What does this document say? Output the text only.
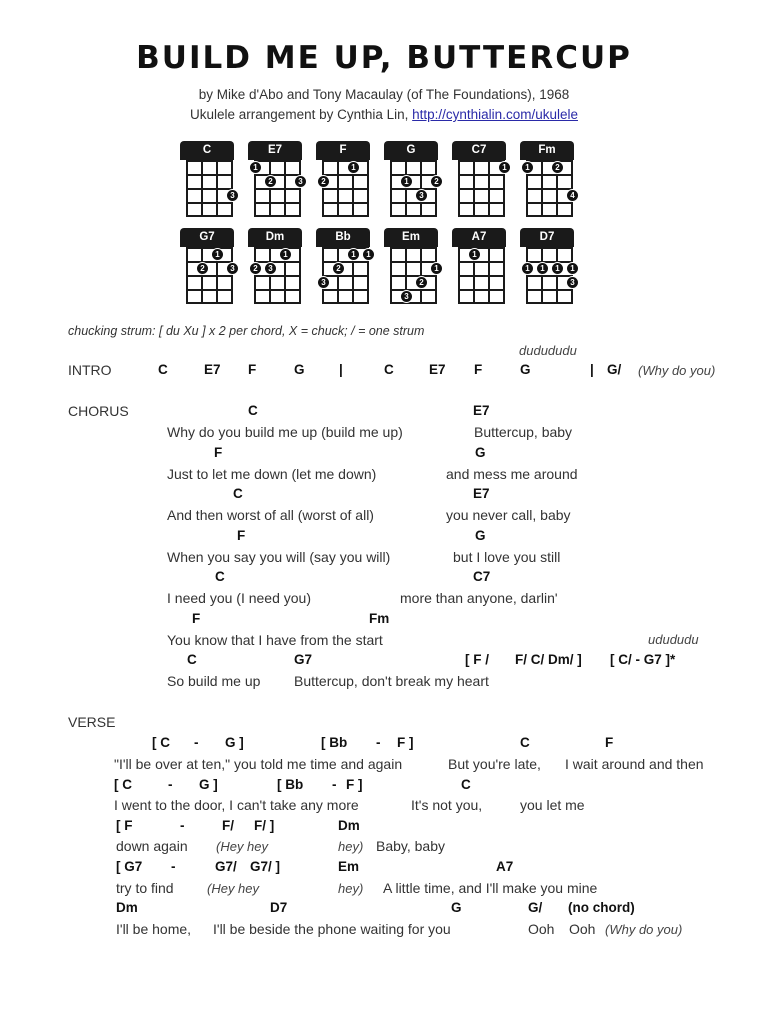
BUILD ME UP, BUTTERCUP
by Mike d'Abo and Tony Macaulay (of The Foundations), 1968
Ukulele arrangement by Cynthia Lin, http://cynthialin.com/ukulele
C
3
E7
1
2	3
F
2
1
G
1	2
3
C7
1
Fm
1	2
4
G7
1
2	3
Dm
1
2	3
Bb
1	1
2
3
Em
1
2
3
A7
1
D7
1	1	1	1
3
chucking strum: [ du Xu ] x 2 per chord, X = chuck; / = one strum
dudududu
INTRO	C	E7 F	G	|	C	E7 F	G	| G/ (Why do you)
CHORUS	C	E7
Why do you build me up (build me up)	Buttercup, baby
F	G
Just to let me down (let me down)	and mess me around
C	E7
And then worst of all (worst of all)	you never call, baby
F	G
When you say you will (say you will)	but I love you still
C	C7
I need you (I need you)	more than anyone, darlin'
F	Fm
You know that I have from the start	udududu
C	G7	[ F / F/ C/ Dm/ ] [ C/ - G7 ]*
So build me up Buttercup, don't break my heart
VERSE
[ C - G ]	[ Bb - F ]	C	F
"I'll be over at ten," you told me time and again	But you're late, I wait around and then
[ C	- G ]	[ Bb - F ]	C
I went to the door, I can't take any more	It's not you,	you let me
[ F	-	F/ F/ ]	Dm
down again (Hey hey	hey) Baby, baby
[ G7 -	G7/ G7/ ]	Em	A7
try to find	(Hey hey	hey) A little time, and I'll make you mine
Dm	D7	G	G/ (no chord)
I'll be home, I'll be beside the phone waiting for you	Ooh Ooh (Why do you)
